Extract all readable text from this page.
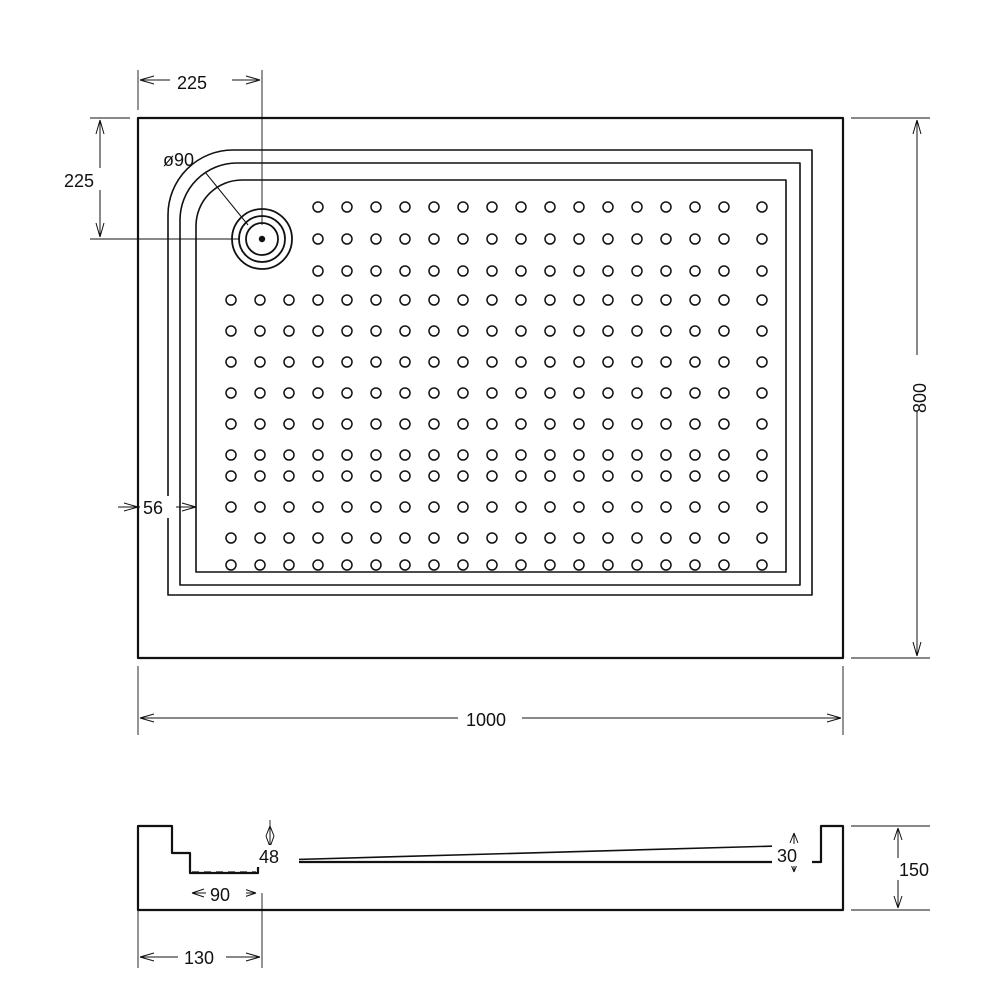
ø90
225
225
56
1000
800
48	30
90
130
150
